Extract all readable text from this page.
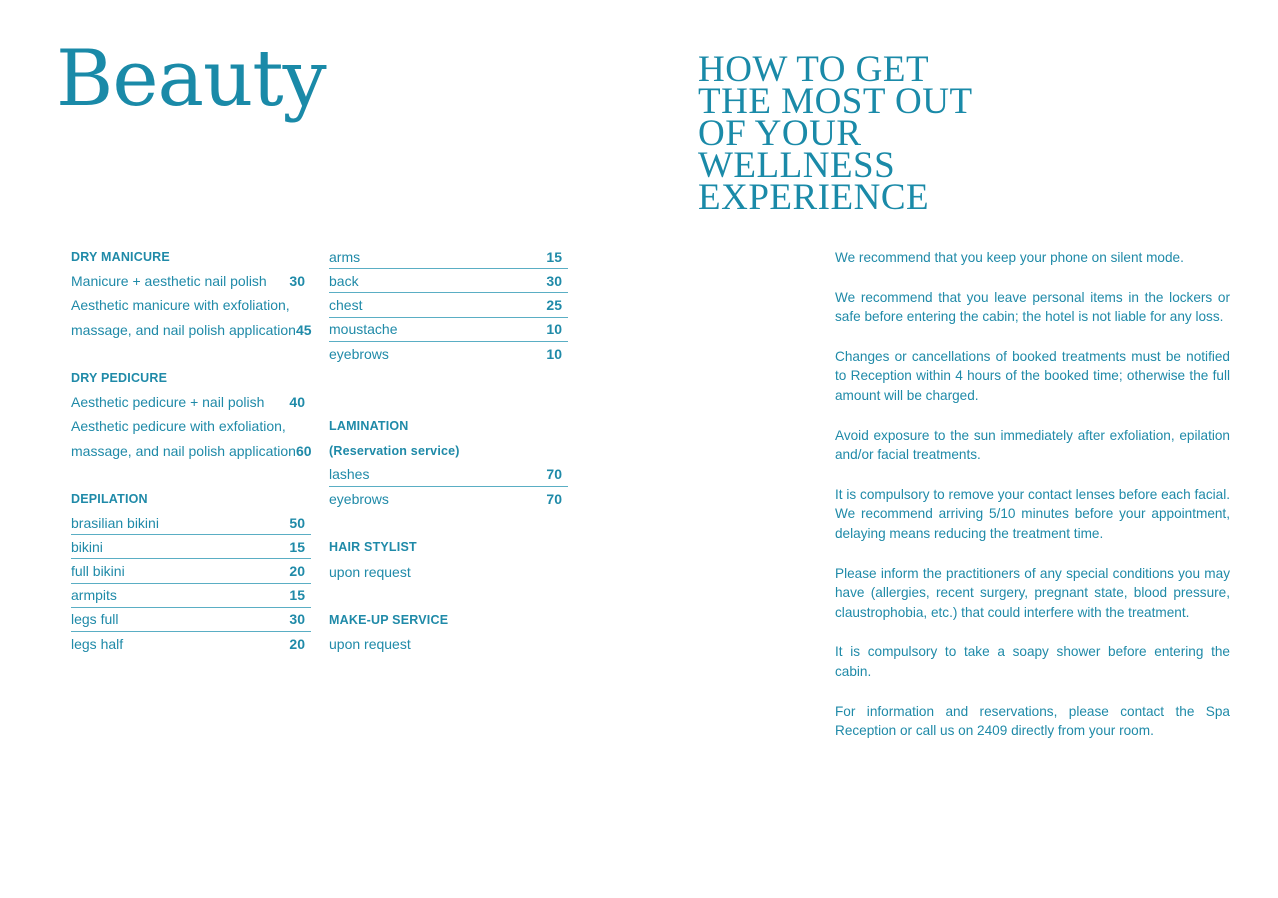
Beauty	HOW TO GET
THE MOST OUT
OF YOUR
WELLNESS
EXPERIENCE
DRY MANICURE
Manicure + aesthetic nail polish 30
Aesthetic manicure with exfoliation,
massage, and nail polish application 45
DRY PEDICURE
Aesthetic pedicure + nail polish 40
Aesthetic pedicure with exfoliation,
massage, and nail polish application 60
DEPILATION
brasilian bikini	50
bikini	15
full bikini	20
armpits	15
legs full	30
legs half	20
arms	15
back	30
chest	25
moustache	10
eyebrows	10
LAMINATION
(Reservation service)
lashes	70
eyebrows	70
HAIR STYLIST
upon request
MAKE-UP SERVICE
upon request

We recommend that you keep your phone on silent mode.

We recommend that you leave personal items in the lockers or safe before entering the cabin; the hotel is not liable for any loss.

Changes or cancellations of booked treatments must be notified to Reception within 4 hours of the booked time; otherwise the full amount will be charged.

Avoid exposure to the sun immediately after exfoliation, epilation and/or facial treatments.

It is compulsory to remove your contact lenses before each facial. We recommend arriving 5/10 minutes before your appointment, delaying means reducing the treatment time.

Please inform the practitioners of any special conditions you may have (allergies, recent surgery, pregnant state, blood pressure, claustrophobia, etc.) that could interfere with the treatment.

It is compulsory to take a soapy shower before entering the cabin.

For information and reservations, please contact the Spa Reception or call us on 2409 directly from your room.
